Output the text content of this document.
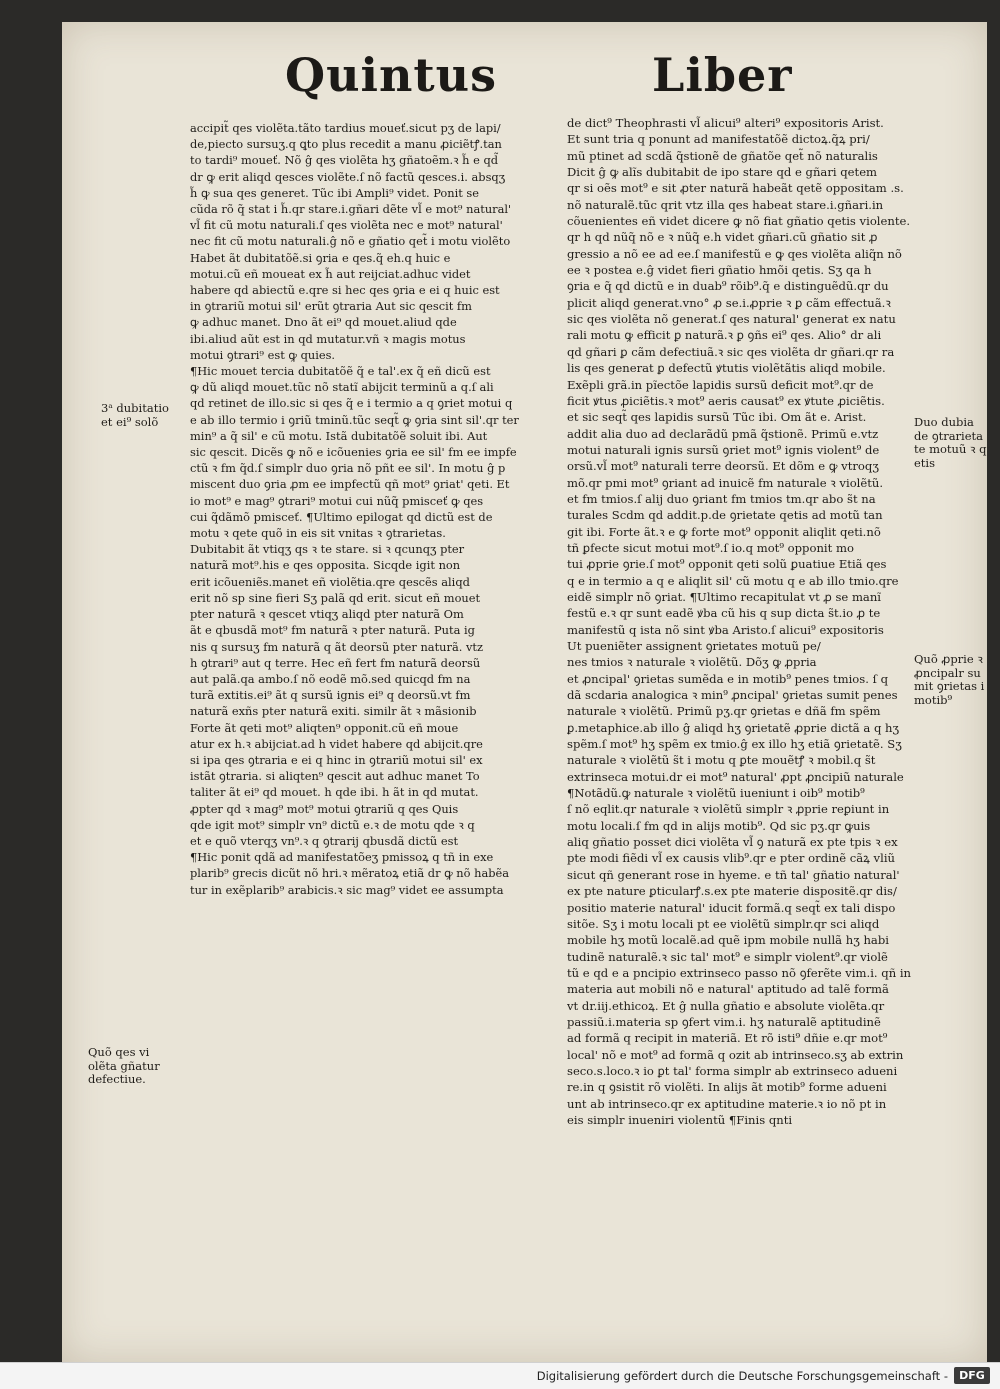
Quintus	Liber
accipit̃ qes violẽta.tãto tardius moueť.sicut pʒ de lapi/
de,piecto sursuʒ.q ꝗto plus recedit a manu ꝓiciẽtꝭ.tan
to tardi⁹ moueť. Nõ ĝ qes violẽta hʒ gñatoẽm.ꝛ h̃ e qd̃
dr ꝙ erit aliqd qesces violẽte.ſ nõ factũ qesces.i. absqʒ
h̃ ꝙ sua qes generet. Tũc ibi Ampli⁹ videt. Ponit se
cũda rõ q̃ stat i h̃.qr stare.i.gñari dẽte vl̃ e mot⁹ natural'
vl̃ fit cũ motu naturali.ſ qes violẽta nec e mot⁹ natural'
nec fit cũ motu naturali.ĝ nõ e gñatio qet̃ i motu violẽto
Habet ãt dubitatõẽ.si ꝯria e qes.q̃ eh.q huic e
motui.cũ eñ moueat ex h̃ aut reijciat.adhuc videt
habere qd abiectũ e.qre si hec qes ꝯria e ei q huic est
in ꝯtrariũ motui sil' erũt ꝯtraria Aut sic qescit fm
ꝙ adhuc manet. Dno ãt ei⁹ qd mouet.aliud qde
ibi.aliud aũt est in qd mutatur.vñ ꝛ magis motus
motui ꝯtrari⁹ est ꝙ quies.
¶Hic mouet tercia dubitatõẽ q̃ e tal'.ex q̃ eñ dicũ est
ꝙ dũ aliqd mouet.tũc nõ statĩ abijcit terminũ a q.ſ ali
qd retinet de illo.sic si qes q̃ e i termio a q ꝯriet motui q
e ab illo termio i ꝯriũ tminũ.tũc seqt̃ ꝙ ꝯria sint sil'.qr ter
min⁹ a q̃ sil' e cũ motu. Istã dubitatõẽ soluit ibi. Aut
sic qescit. Dicẽs ꝙ nõ e icõuenies ꝯria ee sil' fm ee impfe
ctũ ꝛ fm q̃d.ſ simplr duo ꝯria nõ pñt ee sil'. In motu ĝ p
miscent duo ꝯria ꝓm ee impfectũ qñ mot⁹ ꝯriat' qeti. Et
io mot⁹ e mag⁹ ꝯtrari⁹ motui cui nũq̃ pmisceť ꝙ qes
cui q̃dãmõ pmisceť. ¶Ultimo epilogat qd dictũ est de
motu ꝛ qete quõ in eis sit vnitas ꝛ ꝯtrarietas.
Dubitabit ãt vtiqʒ qs ꝛ te stare. si ꝛ qcunqʒ pter
naturã mot⁹.his e qes opposita. Sicqde igit non
erit icõueniẽs.manet eñ violẽtia.qre qescẽs aliqd
erit nõ sp sine fieri Sʒ palã qd erit. sicut eñ mouet
pter naturã ꝛ qescet vtiqʒ aliqd pter naturã Om
ãt e qbusdã mot⁹ fm naturã ꝛ pter naturã. Puta ig
nis q sursuʒ fm naturã q ãt deorsũ pter naturã. vtz
h ꝯtrari⁹ aut q terre. Hec eñ fert fm naturã deorsũ
aut palã.qa ambo.ſ nõ eodẽ mõ.sed quicqd fm na
turã extitis.ei⁹ ãt q sursũ ignis ei⁹ q deorsũ.vt fm
naturã exñs pter naturã exiti. similr ãt ꝛ mãsionib
Forte ãt qeti mot⁹ aliqten⁹ opponit.cũ eñ moue
atur ex h.ꝛ abijciat.ad h videt habere qd abijcit.qre
si ipa qes ꝯtraria e ei q hinc in ꝯtrariũ motui sil' ex
istãt ꝯtraria. si aliqten⁹ qescit aut adhuc manet To
taliter ãt ei⁹ qd mouet. h qde ibi. h ãt in qd mutat.
ꝓpter qd ꝛ mag⁹ mot⁹ motui ꝯtrariũ q qes Quis
qde igit mot⁹ simplr vn⁹ dictũ e.ꝛ de motu qde ꝛ q
et e quõ vterqʒ vn⁹.ꝛ q ꝯtrarij qbusdã dictũ est
¶Hic ponit qdã ad manifestatõeʒ pmissoꝝ q tñ in exe
plarib⁹ grecis dicũt nõ hri.ꝛ mẽratoꝝ etiã dr ꝙ nõ habẽa
tur in exẽplarib⁹ arabicis.ꝛ sic mag⁹ videt ee assumpta
de dict⁹ Theophrasti vl̃ alicui⁹ alteri⁹ expositoris Arist.
Et sunt tria q ponunt ad manifestatõẽ dictoꝝ.q̃ꝝ pri/
mũ ptinet ad scdã q̃stionẽ de gñatõe qet̃ nõ naturalis
Dicit ĝ ꝙ alĩs dubitabit de ipo stare qd e gñari qetem
qr si oẽs mot⁹ e sit ꝓter naturã habeãt qetẽ oppositam .s.
nõ naturalẽ.tũc qrit vtz illa qes habeat stare.i.gñari.in
cõuenientes eñ videt dicere ꝙ nõ fiat gñatio qetis violente.
qr h qd nũq̃ nõ e ꝛ nũq̃ e.h videt gñari.cũ gñatio sit ꝓ
gressio a nõ ee ad ee.ſ manifestũ e ꝙ qes violẽta aliq̃n nõ
ee ꝛ postea e.ĝ videt fieri gñatio hmõi qetis. Sʒ qa h
ꝯria e q̃ qd dictũ e in duab⁹ rõib⁹.q̃ e distinguẽdũ.qr du
plicit aliqd generat.vno° ꝓ se.i.ꝓprie ꝛ ꝑ cãm effectuã.ꝛ
sic qes violẽta nõ generat.ſ qes natural' generat ex natu
rali motu ꝙ efficit ꝑ naturã.ꝛ ꝑ ꝯñs ei⁹ qes. Alio° dr ali
qd gñari ꝑ cãm defectiuã.ꝛ sic qes violẽta dr gñari.qr ra
lis qes generat ꝑ defectũ ꝟtutis violẽtãtis aliqd mobile.
Exẽpli grã.in pĩectõe lapidis sursũ deficit mot⁹.qr de
ficit ꝟtus ꝓiciẽtis.ꝛ mot⁹ aeris causat⁹ ex ꝟtute ꝓiciẽtis.
et sic seqt̃ qes lapidis sursũ Tũc ibi. Om ãt e. Arist.
addit alia duo ad declarãdũ pmã q̃stionẽ. Primũ e.vtz
motui naturali ignis sursũ ꝯriet mot⁹ ignis violent⁹ de
orsũ.vl̃ mot⁹ naturali terre deorsũ. Et dõm e ꝙ vtroqʒ
mõ.qr pmi mot⁹ ꝯriant ad inuicẽ fm naturale ꝛ violẽtũ.
et fm tmios.ſ alij duo ꝯriant fm tmios tm.qr abo s̃t na
turales Scdm qd addit.p.de ꝯrietate qetis ad motũ tan
git ibi. Forte ãt.ꝛ e ꝙ forte mot⁹ opponit aliqlit qeti.nõ
tñ ꝑfecte sicut motui mot⁹.ſ io.q mot⁹ opponit mo
tui ꝓprie ꝯrie.ſ mot⁹ opponit qeti solũ ꝑuatiue Etiã qes
q e in termio a q e aliqlit sil' cũ motu q e ab illo tmio.qre
eidẽ simplr nõ ꝯriat. ¶Ultimo recapitulat vt ꝓ se manĩ
festũ e.ꝛ qr sunt eadẽ ꝟba cũ his q sup dicta s̃t.io ꝓ te
manifestũ q ista nõ sint ꝟba Aristo.ſ alicui⁹ expositoris
Ut pueniẽter assignent ꝯrietates motuũ pe/
nes tmios ꝛ naturale ꝛ violẽtũ. Dõʒ ꝙ ꝓpria
et ꝓncipal' ꝯrietas sumẽda e in motib⁹ penes tmios. ſ q
dã scdaria analogica ꝛ min⁹ ꝓncipal' ꝯrietas sumit penes
naturale ꝛ violẽtũ. Primũ pʒ.qr ꝯrietas e dñã fm spẽm
ꝑ.metaphice.ab illo ĝ aliqd hʒ ꝯrietatẽ ꝓprie dictã a q hʒ
spẽm.ſ mot⁹ hʒ spẽm ex tmio.ĝ ex illo hʒ etiã ꝯrietatẽ. Sʒ
naturale ꝛ violẽtũ s̃t i motu q ꝑte mouẽtꝭ ꝛ mobil.q s̃t
extrinseca motui.dr ei mot⁹ natural' ꝓpt ꝓncipiũ naturale
¶Notãdũ.ꝙ naturale ꝛ violẽtũ iueniunt i oib⁹ motib⁹
ſ nõ eqlit.qr naturale ꝛ violẽtũ simplr ꝛ ꝓprie reꝑiunt in
motu locali.ſ fm qd in alijs motib⁹. Qd sic pʒ.qr ꝙuis
aliq gñatio posset dici violẽta vl̃ ꝯ naturã ex pte tpis ꝛ ex
pte modi fiẽdi vl̃ ex causis vlib⁹.qr e pter ordinẽ cãꝝ vliũ
sicut qñ generant rose in hyeme. e tñ tal' gñatio natural'
ex pte nature ꝑticularꝭ.s.ex pte materie dispositẽ.qr dis/
positio materie natural' iducit formã.q seqt̃ ex tali dispo
sitõe. Sʒ i motu locali pt ee violẽtũ simplr.qr sci aliqd
mobile hʒ motũ localẽ.ad quẽ ipm mobile nullã hʒ habi
tudinẽ naturalẽ.ꝛ sic tal' mot⁹ e simplr violent⁹.qr violẽ
tũ e qd e a pncipio extrinseco passo nõ ꝯferẽte vim.i. qñ in
materia aut mobili nõ e natural' aptitudo ad talẽ formã
vt dr.iij.ethicoꝝ. Et ĝ nulla gñatio e absolute violẽta.qr
passiũ.i.materia sp ꝯfert vim.i. hʒ naturalẽ aptitudinẽ
ad formã q recipit in materiã. Et rõ isti⁹ dñie e.qr mot⁹
local' nõ e mot⁹ ad formã q ozit ab intrinseco.sʒ ab extrin
seco.s.loco.ꝛ io ꝑt tal' forma simplr ab extrinseco adueni
re.in q ꝯsistit rõ violẽti. In alijs ãt motib⁹ forme adueni
unt ab intrinseco.qr ex aptitudine materie.ꝛ io nõ pt in
eis simplr inueniri violentũ ¶Finis qnti
3ᵃ dubitatio
et ei⁹ solõ	Duo dubia
de ꝯtrarieta
te motuũ ꝛ q
etis
Quõ ꝓprie ꝛ
ꝓncipalr su
mit ꝯrietas i
motib⁹
Quõ qes vi
olẽta gñatur
defectiue.
Digitalisierung gefördert durch die Deutsche Forschungsgemeinschaft -	DFG
